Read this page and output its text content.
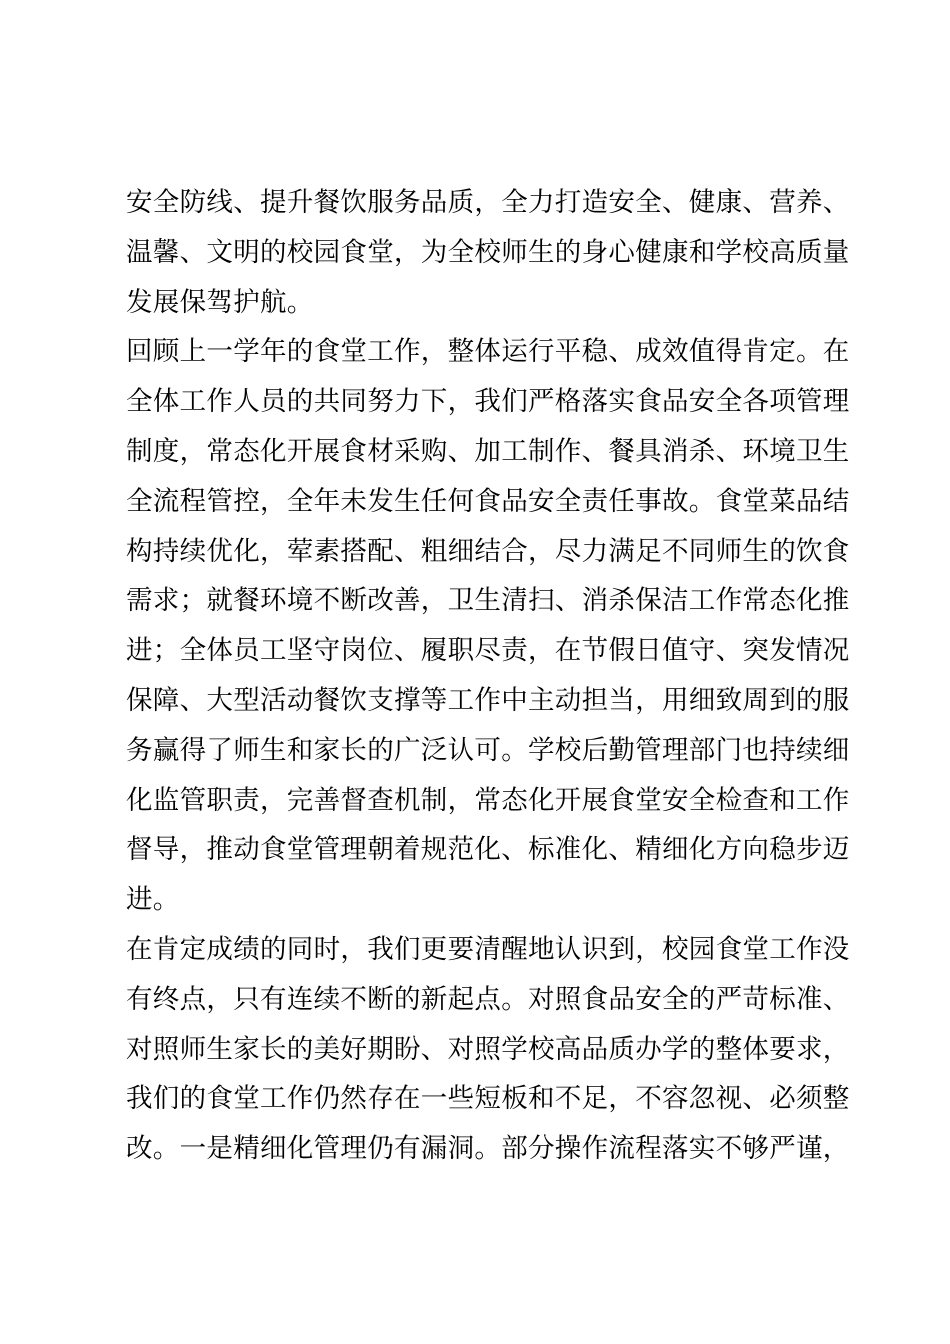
安全防线、提升餐饮服务品质，全力打造安全、健康、营养、
温馨、文明的校园食堂，为全校师生的身心健康和学校高质量
发展保驾护航。
回顾上一学年的食堂工作，整体运行平稳、成效值得肯定。在
全体工作人员的共同努力下，我们严格落实食品安全各项管理
制度，常态化开展食材采购、加工制作、餐具消杀、环境卫生
全流程管控，全年未发生任何食品安全责任事故。食堂菜品结
构持续优化，荤素搭配、粗细结合，尽力满足不同师生的饮食
需求；就餐环境不断改善，卫生清扫、消杀保洁工作常态化推
进；全体员工坚守岗位、履职尽责，在节假日值守、突发情况
保障、大型活动餐饮支撑等工作中主动担当，用细致周到的服
务赢得了师生和家长的广泛认可。学校后勤管理部门也持续细
化监管职责，完善督查机制，常态化开展食堂安全检查和工作
督导，推动食堂管理朝着规范化、标准化、精细化方向稳步迈
进。
在肯定成绩的同时，我们更要清醒地认识到，校园食堂工作没
有终点，只有连续不断的新起点。对照食品安全的严苛标准、
对照师生家长的美好期盼、对照学校高品质办学的整体要求，
我们的食堂工作仍然存在一些短板和不足，不容忽视、必须整
改。一是精细化管理仍有漏洞。部分操作流程落实不够严谨，
